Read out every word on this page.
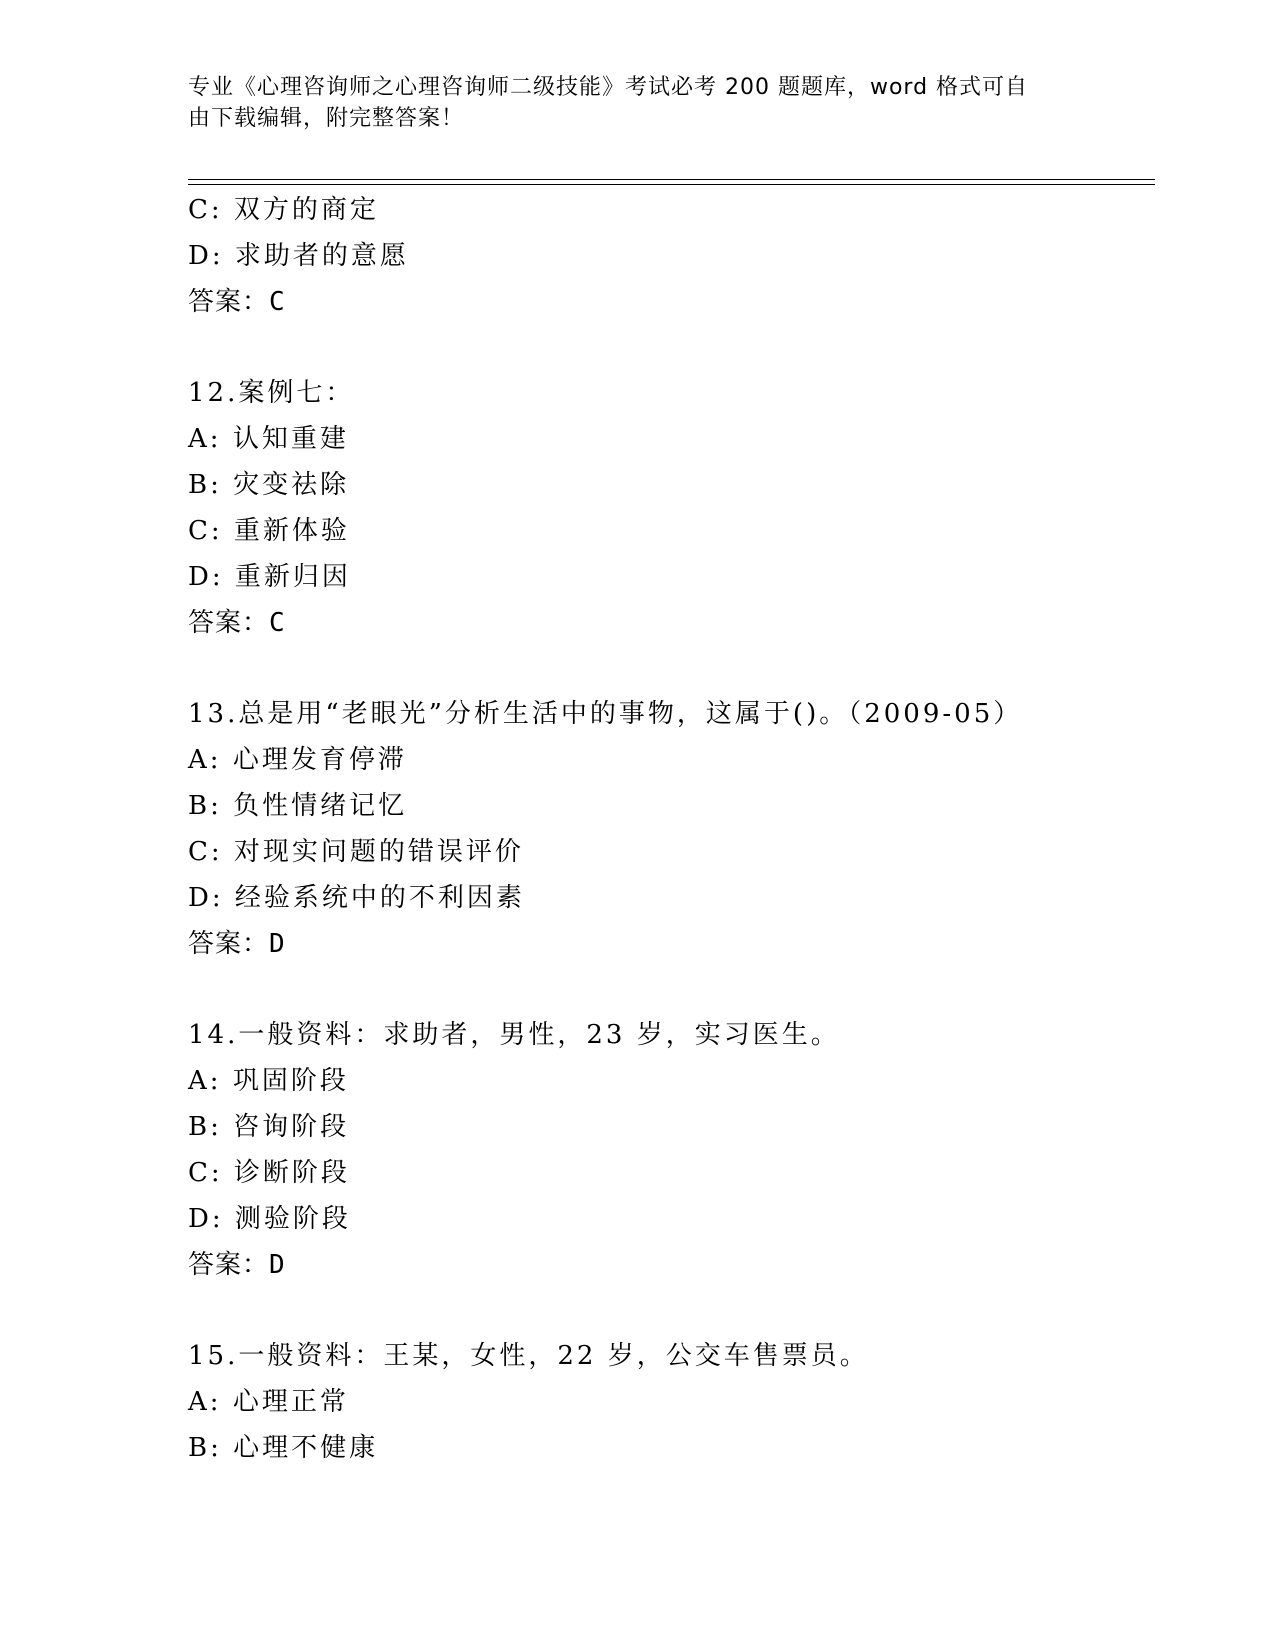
专业《心理咨询师之心理咨询师二级技能》考试必考 200 题题库，word 格式可自
由下载编辑，附完整答案！
C: 双方的商定
D: 求助者的意愿
答案：C
12.案例七：
A: 认知重建
B: 灾变祛除
C: 重新体验
D: 重新归因
答案：C
13.总是用“老眼光”分析生活中的事物，这属于()。（2009-05）
A: 心理发育停滞
B: 负性情绪记忆
C: 对现实问题的错误评价
D: 经验系统中的不利因素
答案：D
14.一般资料：求助者，男性，23 岁，实习医生。
A: 巩固阶段
B: 咨询阶段
C: 诊断阶段
D: 测验阶段
答案：D
15.一般资料：王某，女性，22 岁，公交车售票员。
A: 心理正常
B: 心理不健康
